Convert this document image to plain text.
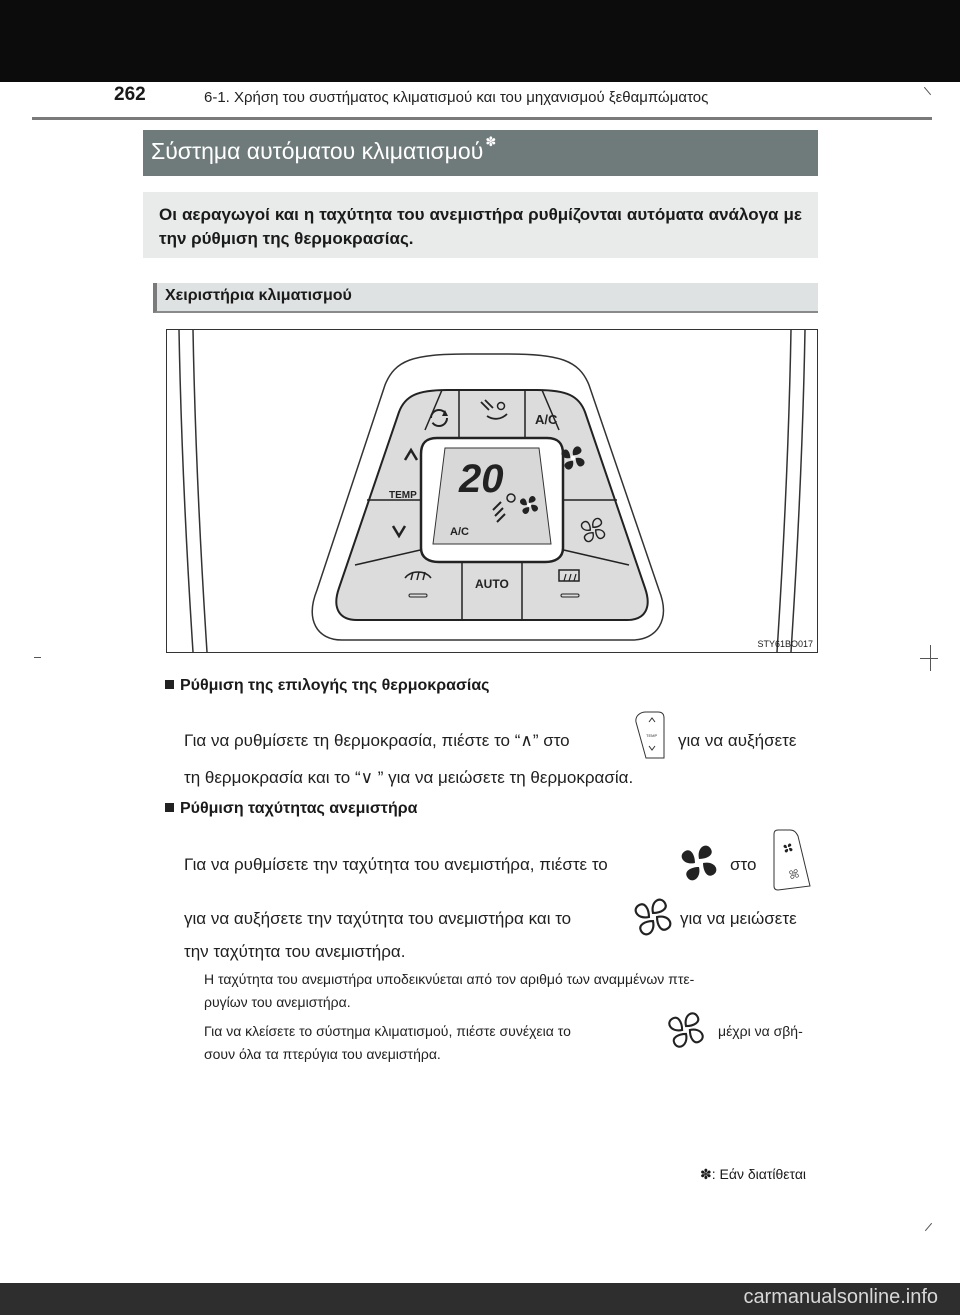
262	6-1. Χρήση του συστήματος κλιματισμού και του μηχανισμού ξεθαμπώματος
Σύστημα αυτόματου κλιματισμού ✽

Οι αεραγωγοί και η ταχύτητα του ανεμιστήρα ρυθμίζονται αυτόματα ανάλογα με την ρύθμιση της θερμοκρασίας.

Χειριστήρια κλιματισμού
20
A/C
A/C
TEMP
AUTO
STY61BO017
Ρύθμιση της επιλογής της θερμοκρασίας
Για να ρυθμίσετε τη θερμοκρασία, πιέστε το “∧” στο	TEMP για να αυξήσετε
τη θερμοκρασία και το “∨ ” για να μειώσετε τη θερμοκρασία.
Ρύθμιση ταχύτητας ανεμιστήρα
Για να ρυθμίσετε την ταχύτητα του ανεμιστήρα, πιέστε το	στο
για να αυξήσετε την ταχύτητα του ανεμιστήρα και το	για να μειώσετε
την ταχύτητα του ανεμιστήρα.
Η ταχύτητα του ανεμιστήρα υποδεικνύεται από τον αριθμό των αναμμένων πτε-
ρυγίων του ανεμιστήρα.
Για να κλείσετε το σύστημα κλιματισμού, πιέστε συνέχεια το	μέχρι να σβή-
σουν όλα τα πτερύγια του ανεμιστήρα.
✽: Εάν διατίθεται
carmanualsonline.info
